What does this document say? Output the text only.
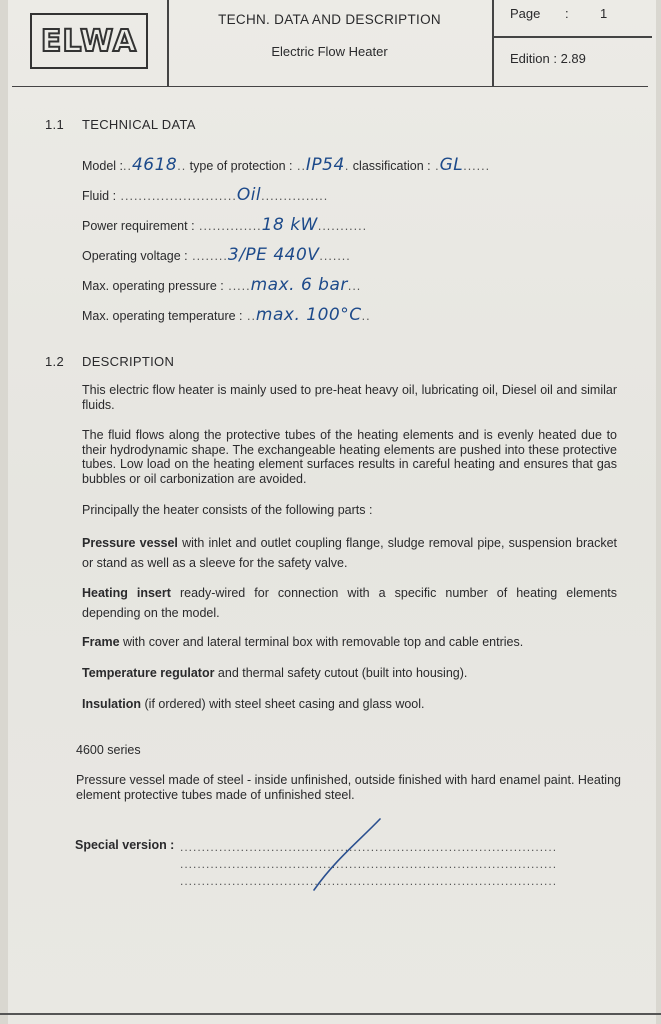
ELWA
TECHN. DATA AND DESCRIPTION
Electric Flow Heater
Page : 1
Edition : 2.89
1.1 TECHNICAL DATA
Model :..4618.. type of protection : ..IP54. classification : .GL......
Fluid : ..........................Oil...............
Power requirement : ..............18 kW...........
Operating voltage : ........3/PE 440V.......
Max. operating pressure : .....max. 6 bar...
Max. operating temperature : ..max. 100°C..
1.2 DESCRIPTION
This electric flow heater is mainly used to pre-heat heavy oil, lubricating oil, Diesel oil and similar fluids.
The fluid flows along the protective tubes of the heating elements and is evenly heated due to their hydrodynamic shape. The exchangeable heating elements are pushed into these protective tubes. Low load on the heating element surfaces results in careful heating and ensures that gas bubbles or oil carbonization are avoided.
Principally the heater consists of the following parts :
Pressure vessel with inlet and outlet coupling flange, sludge removal pipe, suspension bracket or stand as well as a sleeve for the safety valve.
Heating insert ready-wired for connection with a specific number of heating elements depending on the model.
Frame with cover and lateral terminal box with removable top and cable entries.
Temperature regulator and thermal safety cutout (built into housing).
Insulation (if ordered) with steel sheet casing and glass wool.
4600 series
Pressure vessel made of steel - inside unfinished, outside finished with hard enamel paint. Heating element protective tubes made of unfinished steel.
Special version : .......................................................................................
.......................................................................................
.......................................................................................
